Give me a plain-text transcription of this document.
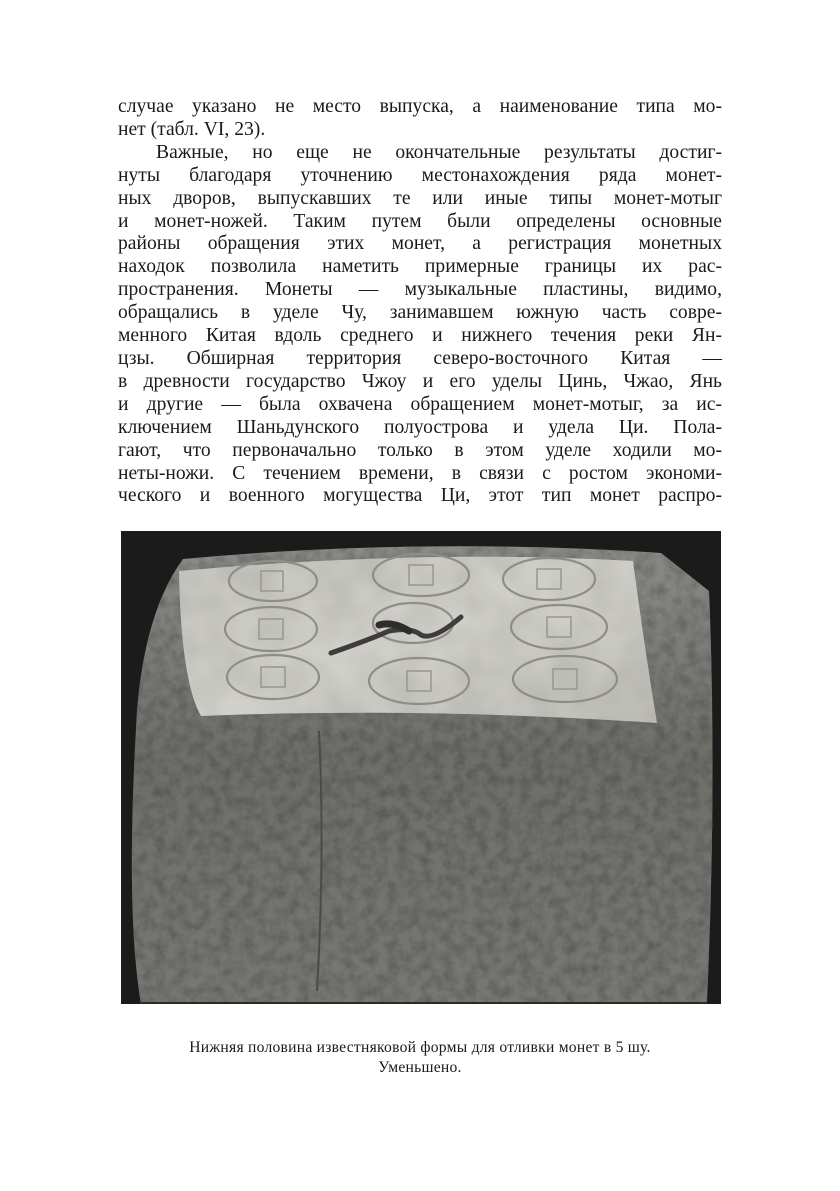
случае указано не место выпуска, а наименование типа мо-
нет (табл. VI, 23).
Важные, но еще не окончательные результаты достиг-
нуты благодаря уточнению местонахождения ряда монет-
ных дворов, выпускавших те или иные типы монет-мотыг
и монет-ножей. Таким путем были определены основные
районы обращения этих монет, а регистрация монетных
находок позволила наметить примерные границы их рас-
пространения. Монеты — музыкальные пластины, видимо,
обращались в уделе Чу, занимавшем южную часть совре-
менного Китая вдоль среднего и нижнего течения реки Ян-
цзы. Обширная территория северо-восточного Китая —
в древности государство Чжоу и его уделы Цинь, Чжао, Янь
и другие — была охвачена обращением монет-мотыг, за ис-
ключением Шаньдунского полуострова и удела Ци. Пола-
гают, что первоначально только в этом уделе ходили мо-
неты-ножи. С течением времени, в связи с ростом экономи-
ческого и военного могущества Ци, этот тип монет распро-
Нижняя половина известняковой формы для отливки монет в 5 шу.
Уменьшено.
